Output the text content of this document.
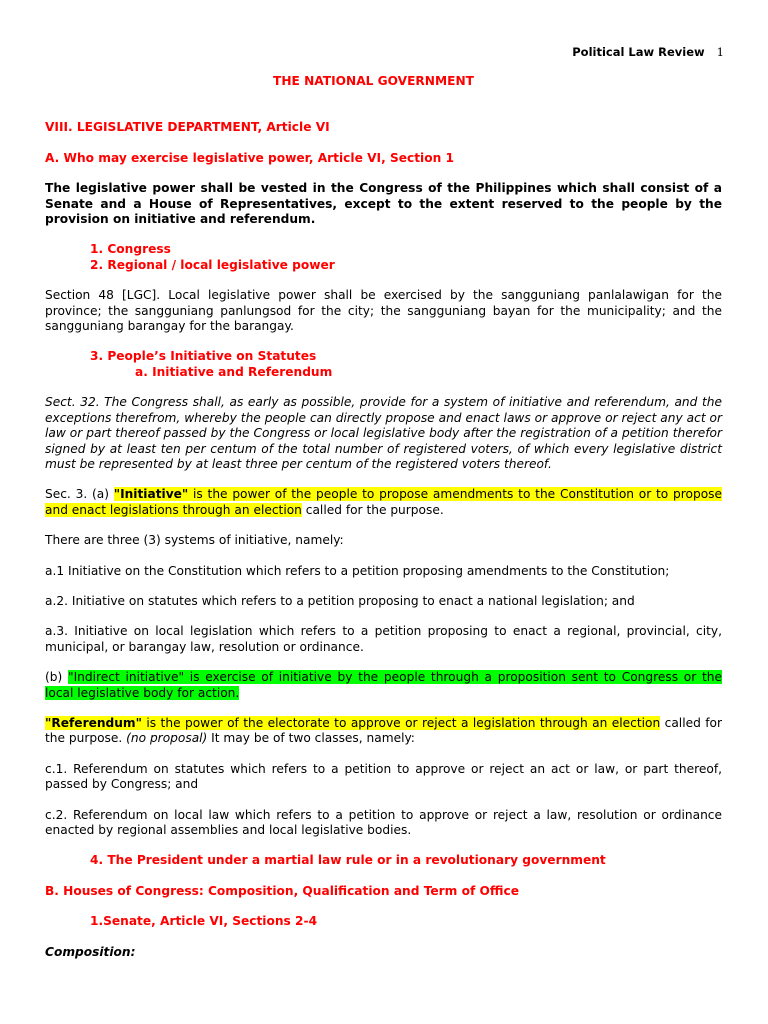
Political Law Review 1

THE NATIONAL GOVERNMENT

VIII. LEGISLATIVE DEPARTMENT, Article VI

A. Who may exercise legislative power, Article VI, Section 1

The legislative power shall be vested in the Congress of the Philippines which shall consist of a Senate and a House of Representatives, except to the extent reserved to the people by the provision on initiative and referendum.

1. Congress

2. Regional / local legislative power

Section 48 [LGC]. Local legislative power shall be exercised by the sangguniang panlalawigan for the province; the sangguniang panlungsod for the city; the sangguniang bayan for the municipality; and the sangguniang barangay for the barangay.

3. People’s Initiative on Statutes

a. Initiative and Referendum

Sect. 32. The Congress shall, as early as possible, provide for a system of initiative and referendum, and the exceptions therefrom, whereby the people can directly propose and enact laws or approve or reject any act or law or part thereof passed by the Congress or local legislative body after the registration of a petition therefor signed by at least ten per centum of the total number of registered voters, of which every legislative district must be represented by at least three per centum of the registered voters thereof.

Sec. 3. (a) "Initiative" is the power of the people to propose amendments to the Constitution or to propose and enact legislations through an election called for the purpose.

There are three (3) systems of initiative, namely:

a.1 Initiative on the Constitution which refers to a petition proposing amendments to the Constitution;

a.2. Initiative on statutes which refers to a petition proposing to enact a national legislation; and

a.3. Initiative on local legislation which refers to a petition proposing to enact a regional, provincial, city, municipal, or barangay law, resolution or ordinance.

(b) "Indirect initiative" is exercise of initiative by the people through a proposition sent to Congress or the local legislative body for action.

"Referendum" is the power of the electorate to approve or reject a legislation through an election called for the purpose. (no proposal) It may be of two classes, namely:

c.1. Referendum on statutes which refers to a petition to approve or reject an act or law, or part thereof, passed by Congress; and

c.2. Referendum on local law which refers to a petition to approve or reject a law, resolution or ordinance enacted by regional assemblies and local legislative bodies.

4. The President under a martial law rule or in a revolutionary government

B. Houses of Congress: Composition, Qualification and Term of Office

1.Senate, Article VI, Sections 2-4

Composition:
